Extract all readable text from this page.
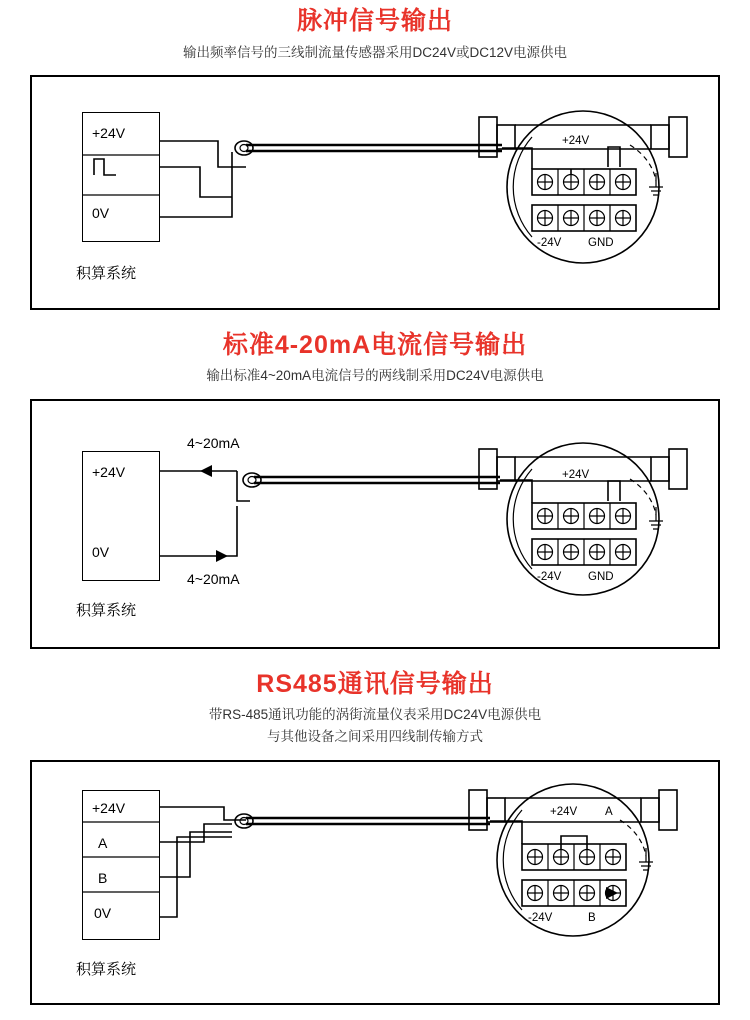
脉冲信号输出
输出频率信号的三线制流量传感器采用DC24V或DC12V电源供电
+24V
0V
积算系统
+24V
-24V GND
标准4-20mA电流信号输出
输出标准4~20mA电流信号的两线制采用DC24V电源供电
+24V
0V
积算系统
4~20mA
4~20mA
+24V
-24V GND
RS485通讯信号输出
带RS-485通讯功能的涡街流量仪表采用DC24V电源供电
与其他设备之间采用四线制传输方式
+24V
A
B
0V
积算系统
+24V A
-24V	B
